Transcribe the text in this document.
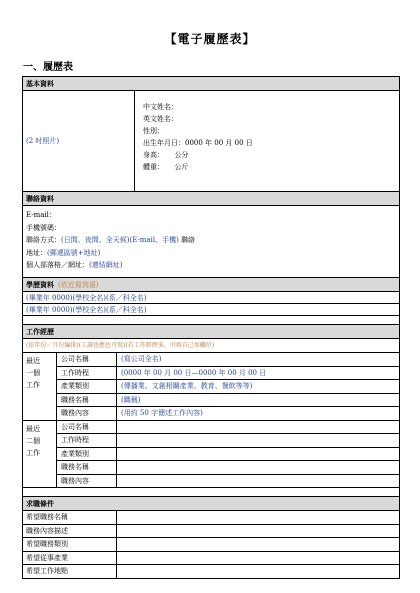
【電子履歷表】
一、履歷表
基本資料
(2 吋照片)
中文姓名：
英文姓名：
性別：
出生年月日：0000 年 00 月 00 日
身高：　　公分
體重：　　公斤
聯絡資料
E-mail：
手機號碼：
聯絡方式：(日間、夜間、全天候)(E-mail、手機) 聯絡
地址：(郵遞區號+地址)
個人部落格／網址：(連結網址)
學歷資料 (依近寫到遠)
(畢業年 0000)(學校全名)(系／科全名)
(畢業年 0000)(學校全名)(系／科全名)
工作經歷
(依年份／月份編排)(工讀也應也可寫)(若工作經歷多，可再自己加欄位)
最近
一個
工作
公司名稱	(寫公司全名)
工作時程	(0000 年 00 月 00 日—0000 年 00 月 00 日
產業類別	(傳播業、文創相關產業、教育、餐飲等等)
職務名稱	(職稱)
職務內容	(用約 50 字簡述工作內容)
最近
二個
工作
公司名稱
工作時程
產業類別
職務名稱
職務內容
求職條件
希望職務名稱
職務內容描述
希望職務類別
希望從事產業
希望工作地點
